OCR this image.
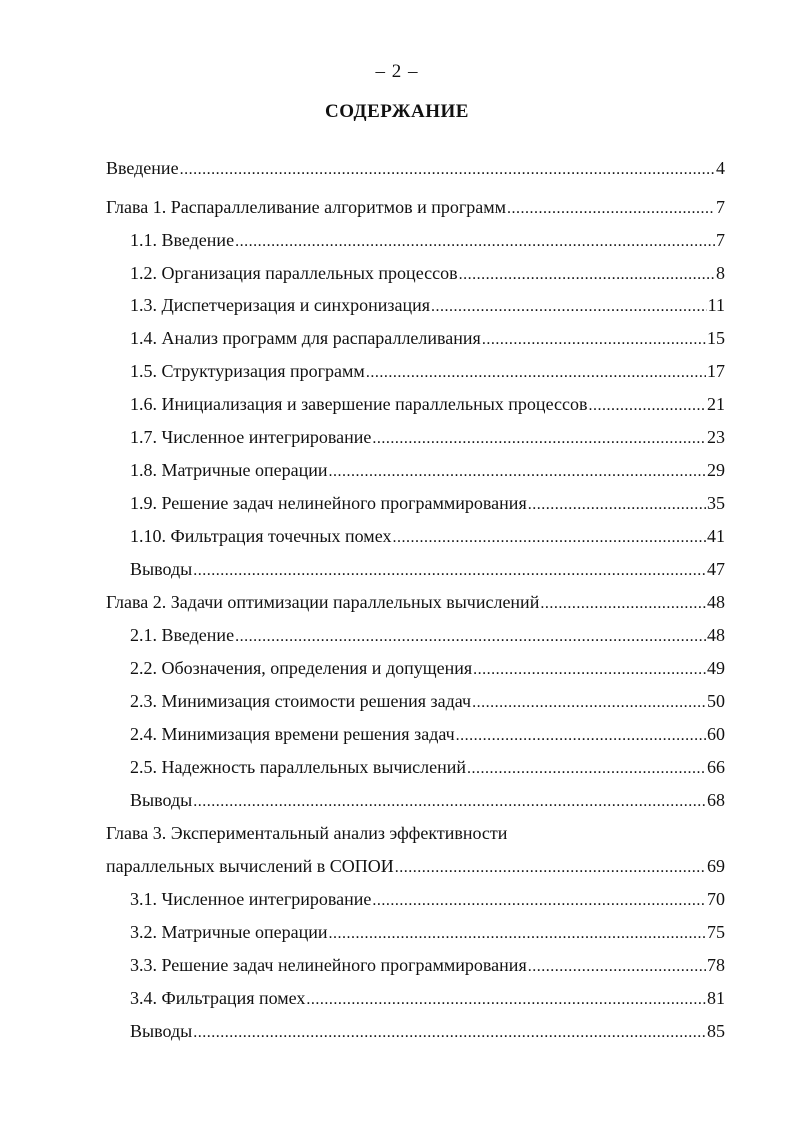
– 2 –
СОДЕРЖАНИЕ
Введение .....	4
Глава 1. Распараллеливание алгоритмов и программ .....	7
1.1. Введение .....	7
1.2. Организация параллельных процессов .....	8
1.3. Диспетчеризация и синхронизация .....	11
1.4. Анализ программ для распараллеливания .....	15
1.5. Структуризация программ .....	17
1.6. Инициализация и завершение параллельных процессов .....	21
1.7. Численное интегрирование .....	23
1.8. Матричные операции .....	29
1.9. Решение задач нелинейного программирования .....	35
1.10. Фильтрация точечных помех .....	41
Выводы .....	47
Глава 2. Задачи оптимизации параллельных вычислений .....	48
2.1. Введение .....	48
2.2. Обозначения, определения и допущения .....	49
2.3. Минимизация стоимости решения задач .....	50
2.4. Минимизация времени решения задач .....	60
2.5. Надежность параллельных вычислений .....	66
Выводы .....	68
Глава 3. Экспериментальный анализ эффективности
параллельных вычислений в СОПОИ .....	69
3.1. Численное интегрирование .....	70
3.2. Матричные операции .....	75
3.3. Решение задач нелинейного программирования .....	78
3.4. Фильтрация помех .....	81
Выводы .....	85
